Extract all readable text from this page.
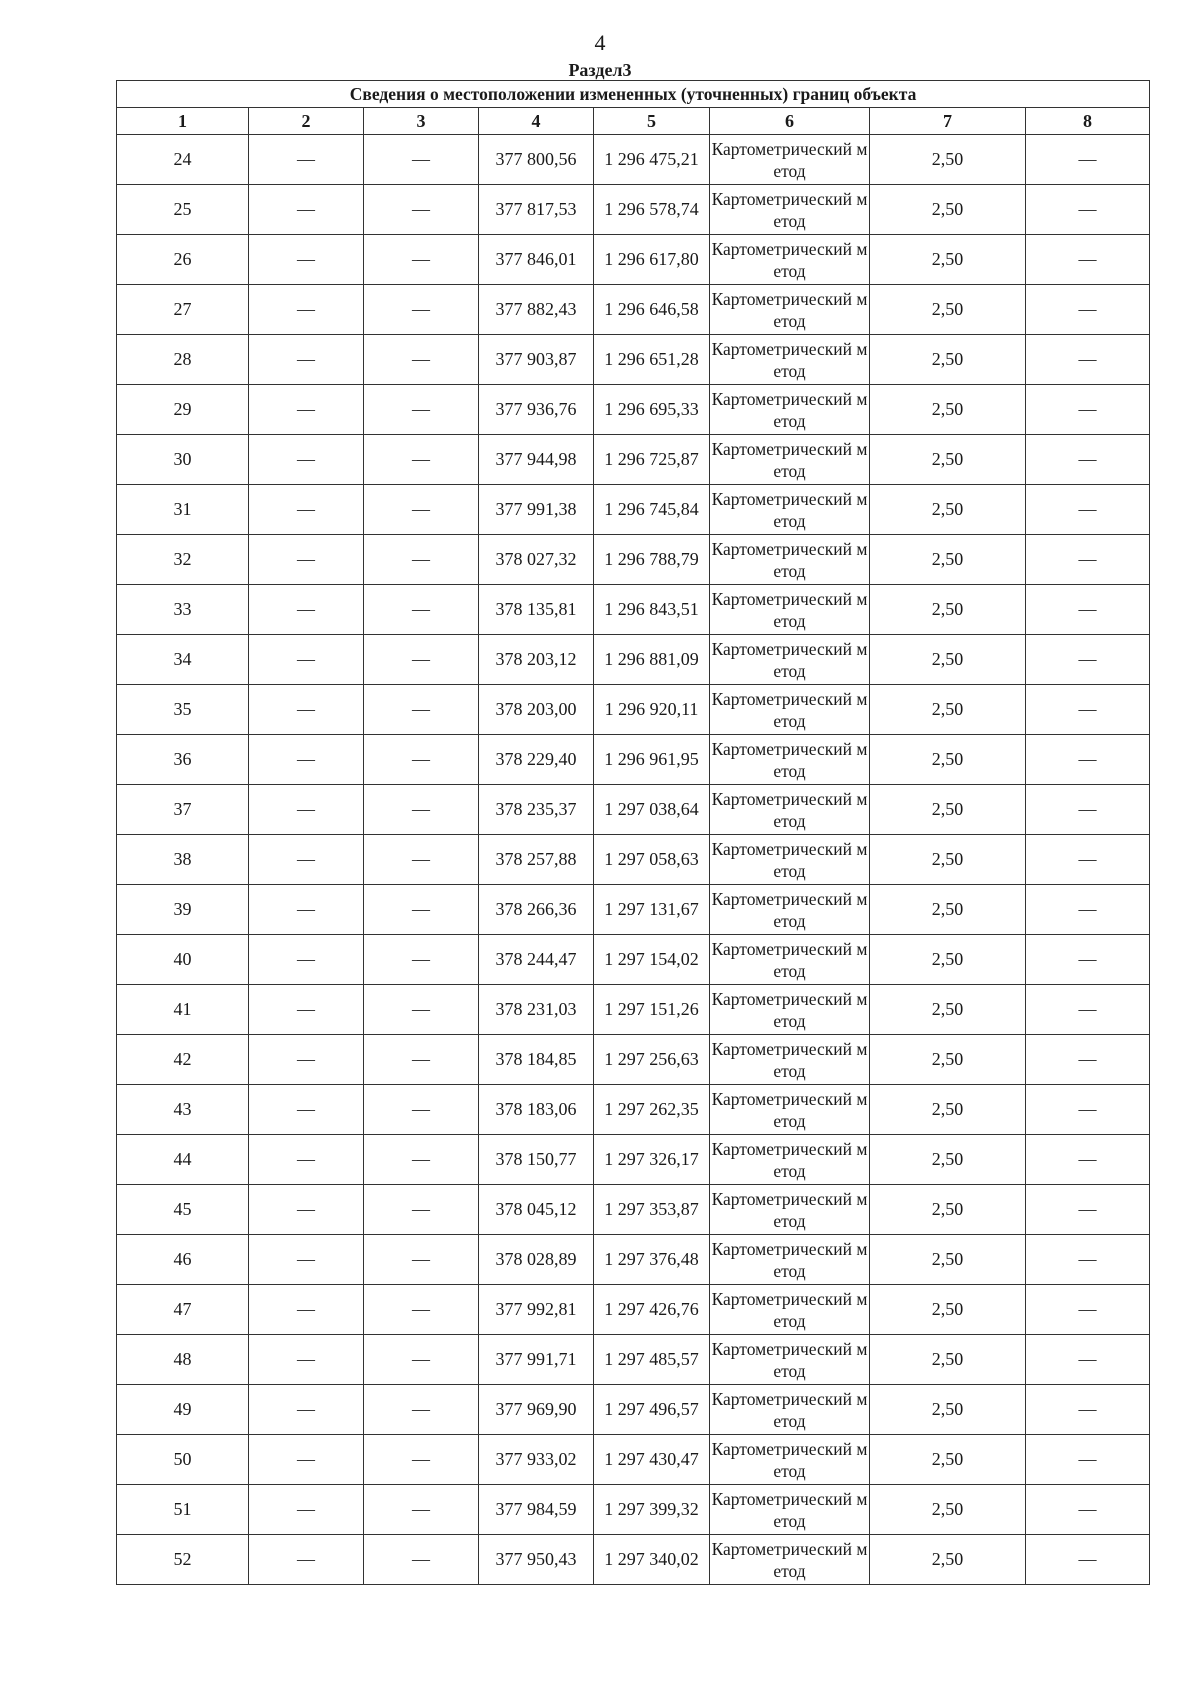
4
Раздел3
Сведения о местоположении измененных (уточненных) границ объекта							
1	2	3	4	5	6	7	8
24	—	—	377 800,56	1 296 475,21	Картометрический метод	2,50	—
25	—	—	377 817,53	1 296 578,74	Картометрический метод	2,50	—
26	—	—	377 846,01	1 296 617,80	Картометрический метод	2,50	—
27	—	—	377 882,43	1 296 646,58	Картометрический метод	2,50	—
28	—	—	377 903,87	1 296 651,28	Картометрический метод	2,50	—
29	—	—	377 936,76	1 296 695,33	Картометрический метод	2,50	—
30	—	—	377 944,98	1 296 725,87	Картометрический метод	2,50	—
31	—	—	377 991,38	1 296 745,84	Картометрический метод	2,50	—
32	—	—	378 027,32	1 296 788,79	Картометрический метод	2,50	—
33	—	—	378 135,81	1 296 843,51	Картометрический метод	2,50	—
34	—	—	378 203,12	1 296 881,09	Картометрический метод	2,50	—
35	—	—	378 203,00	1 296 920,11	Картометрический метод	2,50	—
36	—	—	378 229,40	1 296 961,95	Картометрический метод	2,50	—
37	—	—	378 235,37	1 297 038,64	Картометрический метод	2,50	—
38	—	—	378 257,88	1 297 058,63	Картометрический метод	2,50	—
39	—	—	378 266,36	1 297 131,67	Картометрический метод	2,50	—
40	—	—	378 244,47	1 297 154,02	Картометрический метод	2,50	—
41	—	—	378 231,03	1 297 151,26	Картометрический метод	2,50	—
42	—	—	378 184,85	1 297 256,63	Картометрический метод	2,50	—
43	—	—	378 183,06	1 297 262,35	Картометрический метод	2,50	—
44	—	—	378 150,77	1 297 326,17	Картометрический метод	2,50	—
45	—	—	378 045,12	1 297 353,87	Картометрический метод	2,50	—
46	—	—	378 028,89	1 297 376,48	Картометрический метод	2,50	—
47	—	—	377 992,81	1 297 426,76	Картометрический метод	2,50	—
48	—	—	377 991,71	1 297 485,57	Картометрический метод	2,50	—
49	—	—	377 969,90	1 297 496,57	Картометрический метод	2,50	—
50	—	—	377 933,02	1 297 430,47	Картометрический метод	2,50	—
51	—	—	377 984,59	1 297 399,32	Картометрический метод	2,50	—
52	—	—	377 950,43	1 297 340,02	Картометрический метод	2,50	—
